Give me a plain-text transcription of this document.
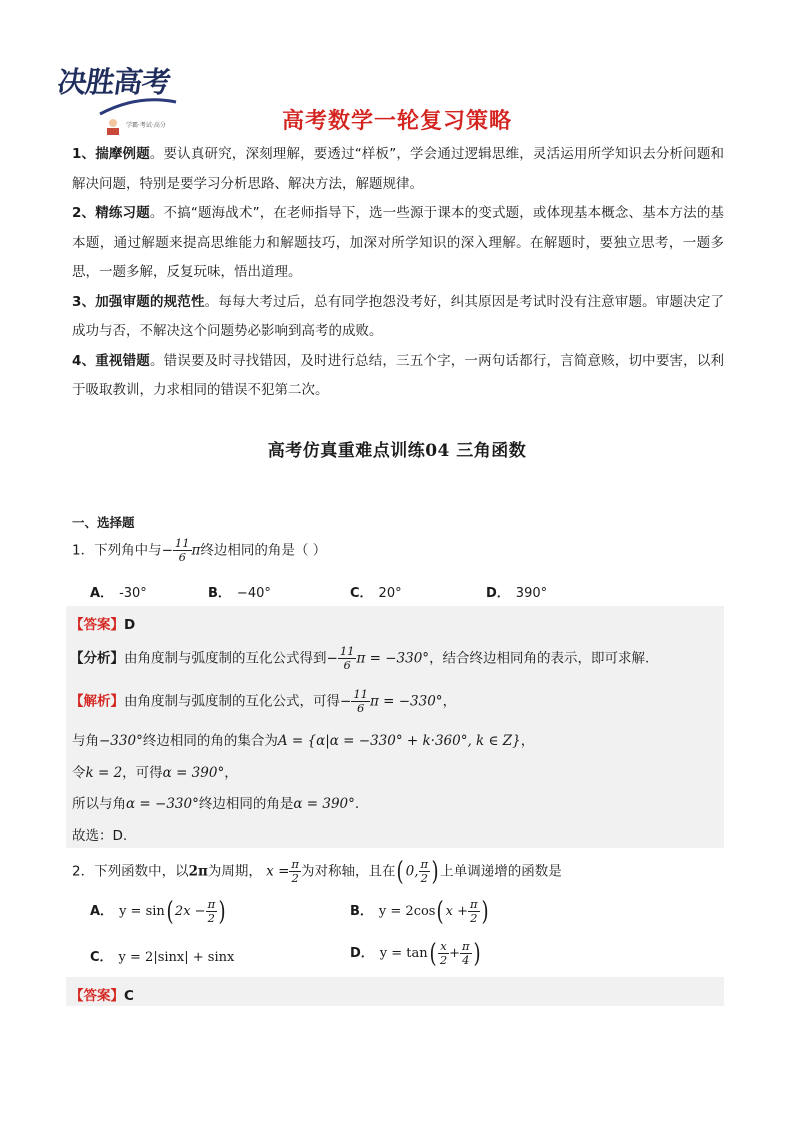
决胜高考
学霸·考试·高分	高考数学一轮复习策略

1、揣摩例题。要认真研究，深刻理解，要透过“样板”，学会通过逻辑思维，灵活运用所学知识去分析问题和解决问题，特别是要学习分析思路、解决方法，解题规律。

2、精练习题。不搞“题海战术”，在老师指导下，选一些源于课本的变式题，或体现基本概念、基本方法的基本题，通过解题来提高思维能力和解题技巧，加深对所学知识的深入理解。在解题时，要独立思考，一题多思，一题多解，反复玩味，悟出道理。

3、加强审题的规范性。每每大考过后，总有同学抱怨没考好，纠其原因是考试时没有注意审题。审题决定了成功与否，不解决这个问题势必影响到高考的成败。

4、重视错题。错误要及时寻找错因，及时进行总结，三五个字，一两句话都行，言简意赅，切中要害，以利于吸取教训，力求相同的错误不犯第二次。

高考仿真重难点训练04 三角函数
一、选择题
1．下列角中与− $\frac{11}{6}$ π终边相同的角是（ ）
A． -30°	B． −40°	C． 20°	D． 390°
【答案】D
【分析】由角度制与弧度制的互化公式得到− $\frac{11}{6}$ π = −330°，结合终边相同角的表示，即可求解.
【解析】由角度制与弧度制的互化公式，可得− $\frac{11}{6}$ π = −330°，
与角−330°终边相同的角的集合为A = {α|α = −330° + k·360°, k ∈ Z}，
令k = 2，可得α = 390°，
所以与角α = −330°终边相同的角是α = 390°.
故选：D.
2．下列函数中，以2π为周期， $x = \frac{\pi}{2}$ 为对称轴，且在( 0, $\frac{\pi}{2}$ ) 上单调递增的函数是
A． y = sin( $2x - \frac{\pi}{2}$ )	B． y = 2cos( $x + \frac{\pi}{2}$ )
C． y = 2|sinx| + sinx	D． $y = \tan( \frac{x}{2} + \frac{\pi}{4}$ )
【答案】C
